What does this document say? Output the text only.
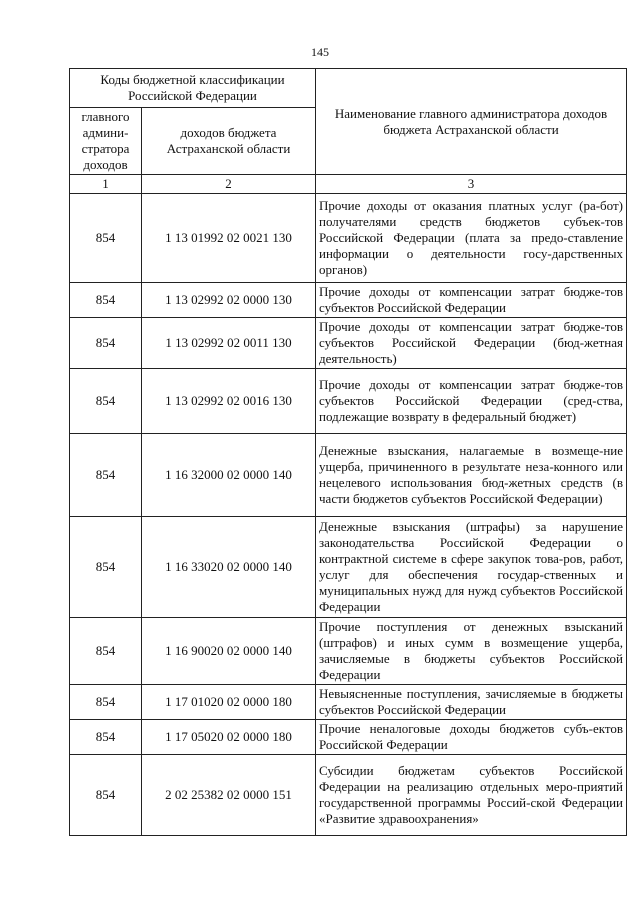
145
Коды бюджетной классификации Российской Федерации		Наименование главного администратора доходов бюджета Астраханской области
главного админи-стратора доходов	доходов бюджета Астраханской области	
1	2	3
854	1 13 01992 02 0021 130	Прочие доходы от оказания платных услуг (ра-бот) получателями средств бюджетов субъек-тов Российской Федерации (плата за предо-ставление информации о деятельности госу-дарственных органов)
854	1 13 02992 02 0000 130	Прочие доходы от компенсации затрат бюдже-тов субъектов Российской Федерации
854	1 13 02992 02 0011 130	Прочие доходы от компенсации затрат бюдже-тов субъектов Российской Федерации (бюд-жетная деятельность)
854	1 13 02992 02 0016 130	Прочие доходы от компенсации затрат бюдже-тов субъектов Российской Федерации (сред-ства, подлежащие возврату в федеральный бюджет)
854	1 16 32000 02 0000 140	Денежные взыскания, налагаемые в возмеще-ние ущерба, причиненного в результате неза-конного или нецелевого использования бюд-жетных средств (в части бюджетов субъектов Российской Федерации)
854	1 16 33020 02 0000 140	Денежные взыскания (штрафы) за нарушение законодательства Российской Федерации о контрактной системе в сфере закупок това-ров, работ, услуг для обеспечения государ-ственных и муниципальных нужд для нужд субъектов Российской Федерации
854	1 16 90020 02 0000 140	Прочие поступления от денежных взысканий (штрафов) и иных сумм в возмещение ущерба, зачисляемые в бюджеты субъектов Российской Федерации
854	1 17 01020 02 0000 180	Невыясненные поступления, зачисляемые в бюджеты субъектов Российской Федерации
854	1 17 05020 02 0000 180	Прочие неналоговые доходы бюджетов субъ-ектов Российской Федерации
854	2 02 25382 02 0000 151	Субсидии бюджетам субъектов Российской Федерации на реализацию отдельных меро-приятий государственной программы Россий-ской Федерации «Развитие здравоохранения»
